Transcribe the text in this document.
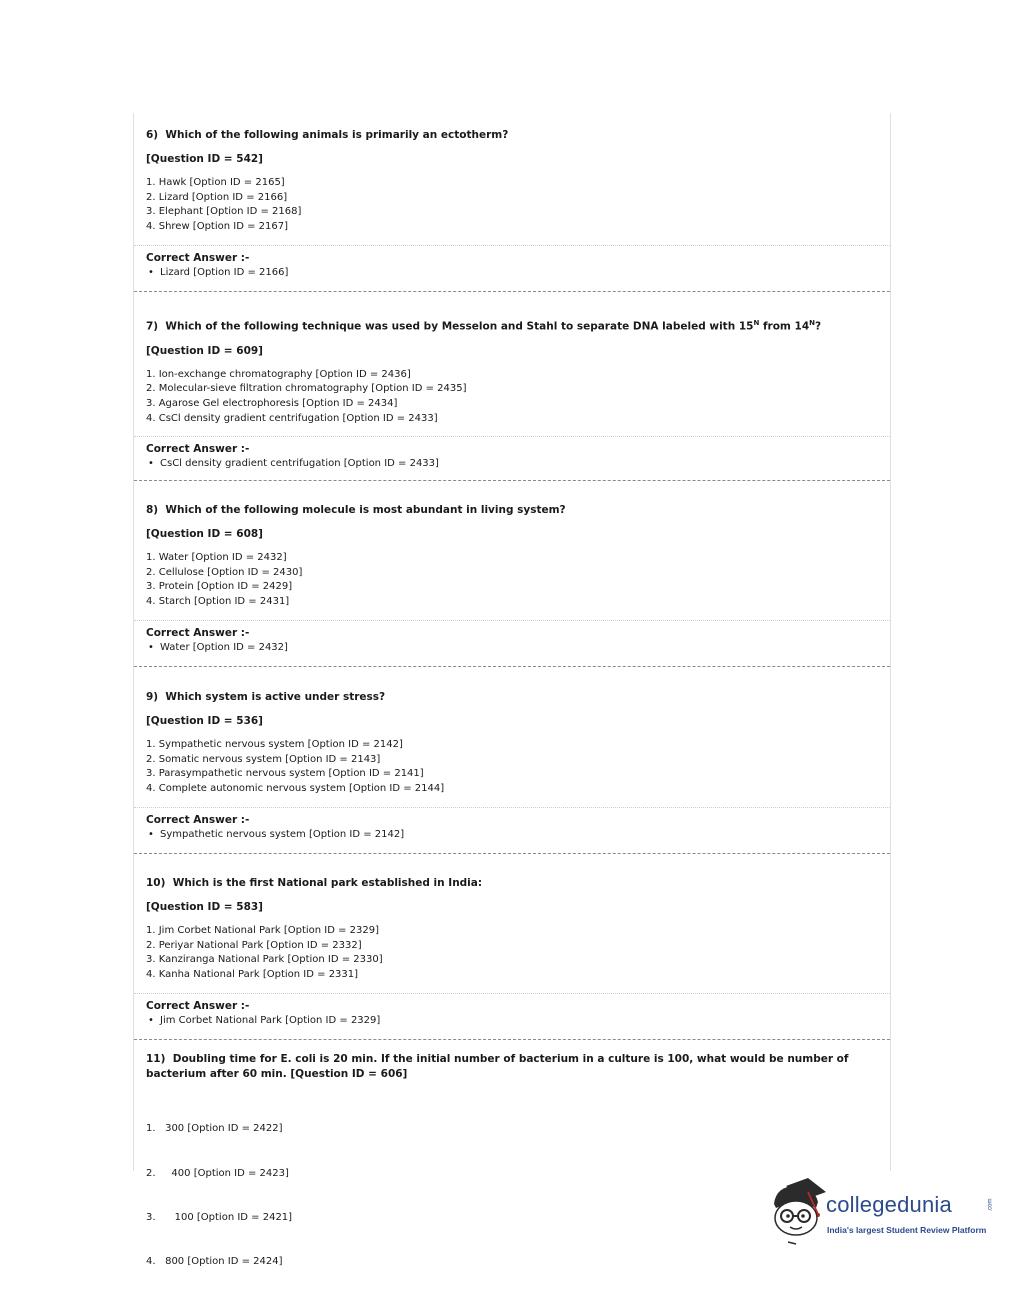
6) Which of the following animals is primarily an ectotherm?
[Question ID = 542]
1. Hawk [Option ID = 2165]
2. Lizard [Option ID = 2166]
3. Elephant [Option ID = 2168]
4. Shrew [Option ID = 2167]
Correct Answer :-
• Lizard [Option ID = 2166]
7) Which of the following technique was used by Messelon and Stahl to separate DNA labeled with $15^N$ from $14^N$?
[Question ID = 609]
1. Ion-exchange chromatography [Option ID = 2436]
2. Molecular-sieve filtration chromatography [Option ID = 2435]
3. Agarose Gel electrophoresis [Option ID = 2434]
4. CsCl density gradient centrifugation [Option ID = 2433]
Correct Answer :-
• CsCl density gradient centrifugation [Option ID = 2433]
8) Which of the following molecule is most abundant in living system?
[Question ID = 608]
1. Water [Option ID = 2432]
2. Cellulose [Option ID = 2430]
3. Protein [Option ID = 2429]
4. Starch [Option ID = 2431]
Correct Answer :-
• Water [Option ID = 2432]
9) Which system is active under stress?
[Question ID = 536]
1. Sympathetic nervous system [Option ID = 2142]
2. Somatic nervous system [Option ID = 2143]
3. Parasympathetic nervous system [Option ID = 2141]
4. Complete autonomic nervous system [Option ID = 2144]
Correct Answer :-
• Sympathetic nervous system [Option ID = 2142]
10) Which is the first National park established in India:
[Question ID = 583]
1. Jim Corbet National Park [Option ID = 2329]
2. Periyar National Park [Option ID = 2332]
3. Kanziranga National Park [Option ID = 2330]
4. Kanha National Park [Option ID = 2331]
Correct Answer :-
• Jim Corbet National Park [Option ID = 2329]
11) Doubling time for E. coli is 20 min. If the initial number of bacterium in a culture is 100, what would be number of bacterium after 60 min. [Question ID = 606]

1.   300 [Option ID = 2422]

2.     400 [Option ID = 2423]

3.      100 [Option ID = 2421]

4.   800 [Option ID = 2424]

collegedunia	.com
India's largest Student Review Platform
